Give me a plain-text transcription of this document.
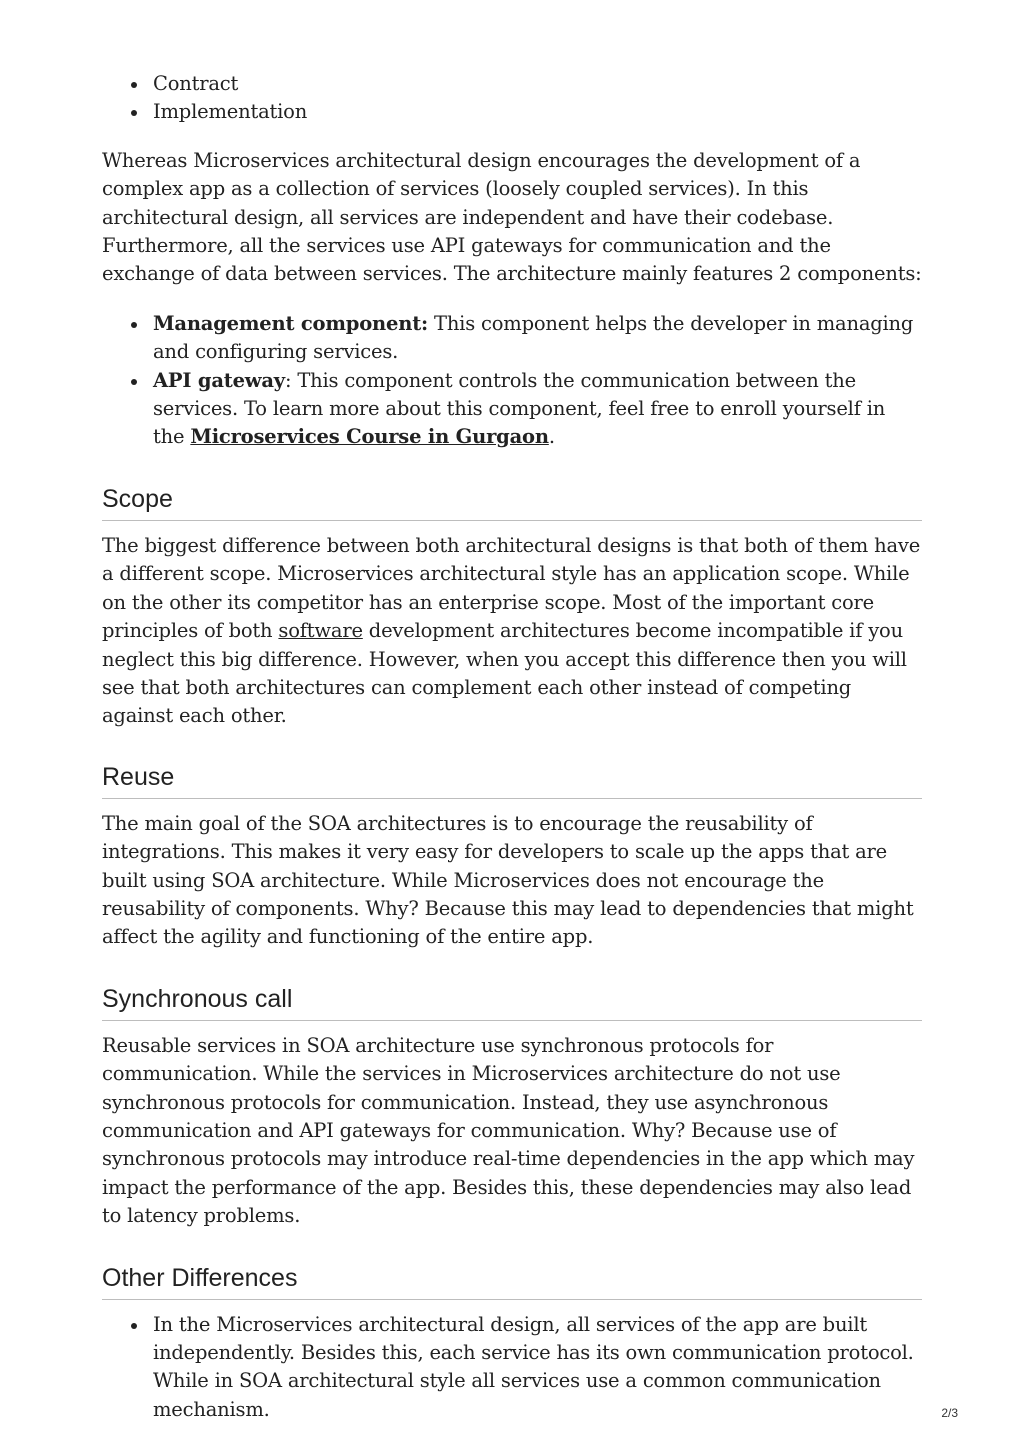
Contract
Implementation

Whereas Microservices architectural design encourages the development of a complex app as a collection of services (loosely coupled services). In this architectural design, all services are independent and have their codebase. Furthermore, all the services use API gateways for communication and the exchange of data between services. The architecture mainly features 2 components:

Management component: This component helps the developer in managing and configuring services.
API gateway: This component controls the communication between the services. To learn more about this component, feel free to enroll yourself in the Microservices Course in Gurgaon.
Scope

The biggest difference between both architectural designs is that both of them have a different scope. Microservices architectural style has an application scope. While on the other its competitor has an enterprise scope. Most of the important core principles of both software development architectures become incompatible if you neglect this big difference. However, when you accept this difference then you will see that both architectures can complement each other instead of competing against each other.

Reuse

The main goal of the SOA architectures is to encourage the reusability of integrations. This makes it very easy for developers to scale up the apps that are built using SOA architecture. While Microservices does not encourage the reusability of components. Why? Because this may lead to dependencies that might affect the agility and functioning of the entire app.

Synchronous call

Reusable services in SOA architecture use synchronous protocols for communication. While the services in Microservices architecture do not use synchronous protocols for communication. Instead, they use asynchronous communication and API gateways for communication. Why? Because use of synchronous protocols may introduce real-time dependencies in the app which may impact the performance of the app. Besides this, these dependencies may also lead to latency problems.

Other Differences
In the Microservices architectural design, all services of the app are built independently. Besides this, each service has its own communication protocol. While in SOA architectural style all services use a common communication mechanism.	2/3
